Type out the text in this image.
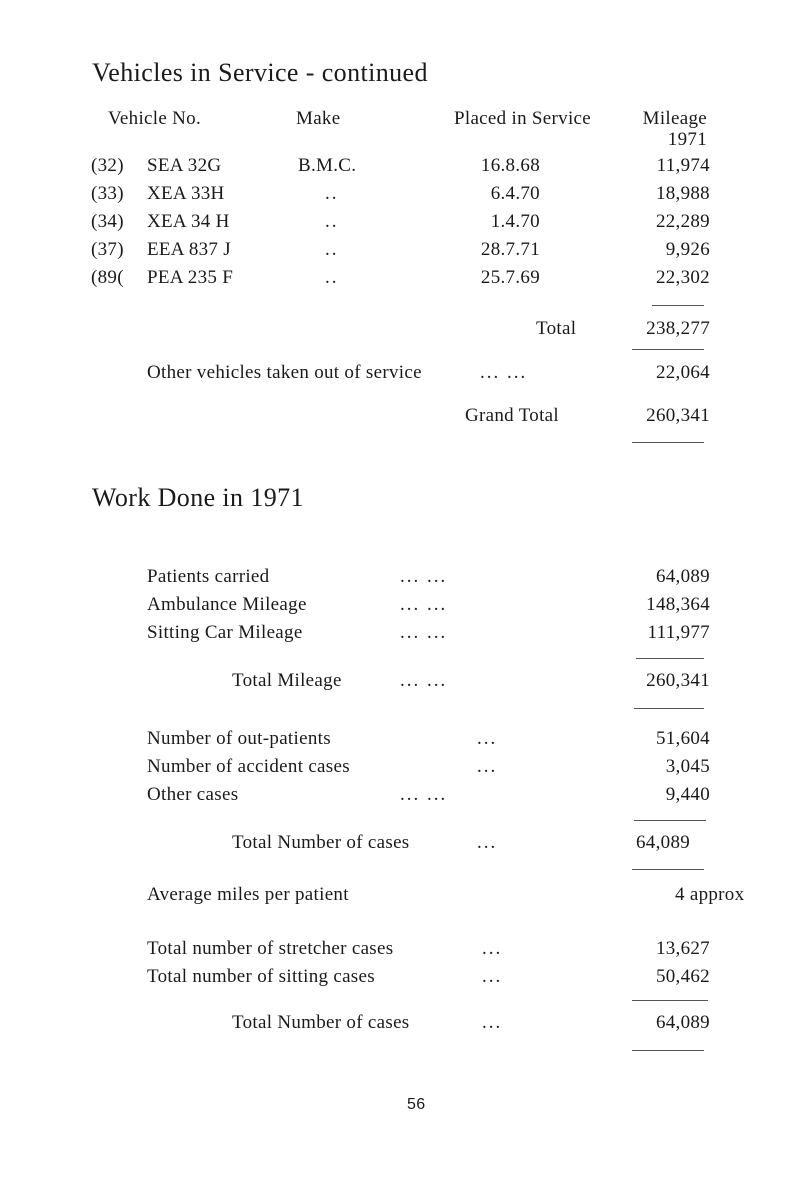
Vehicles in Service - continued
Vehicle No.	Make	Placed in Service	Mileage
1971
(32) SEA 32G	B.M.C.	16.8.68	11,974
(33) XEA 33H	..	6.4.70	18,988
(34) XEA 34 H	..	1.4.70	22,289
(37) EEA 837 J	..	28.7.71	9,926
(89( PEA 235 F	..	25.7.69	22,302
Total	238,277
Other vehicles taken out of service	... ...	22,064
Grand Total	260,341
Work Done in 1971
Patients carried	... ...	64,089
Ambulance Mileage	... ...	148,364
Sitting Car Mileage	... ...	111,977
Total Mileage	... ...	260,341
Number of out-patients	...	51,604
Number of accident cases	...	3,045
Other cases	... ...	9,440
Total Number of cases	...	64,089
Average miles per patient	4 approx
Total number of stretcher cases	...	13,627
Total number of sitting cases	...	50,462
Total Number of cases	...	64,089
56
